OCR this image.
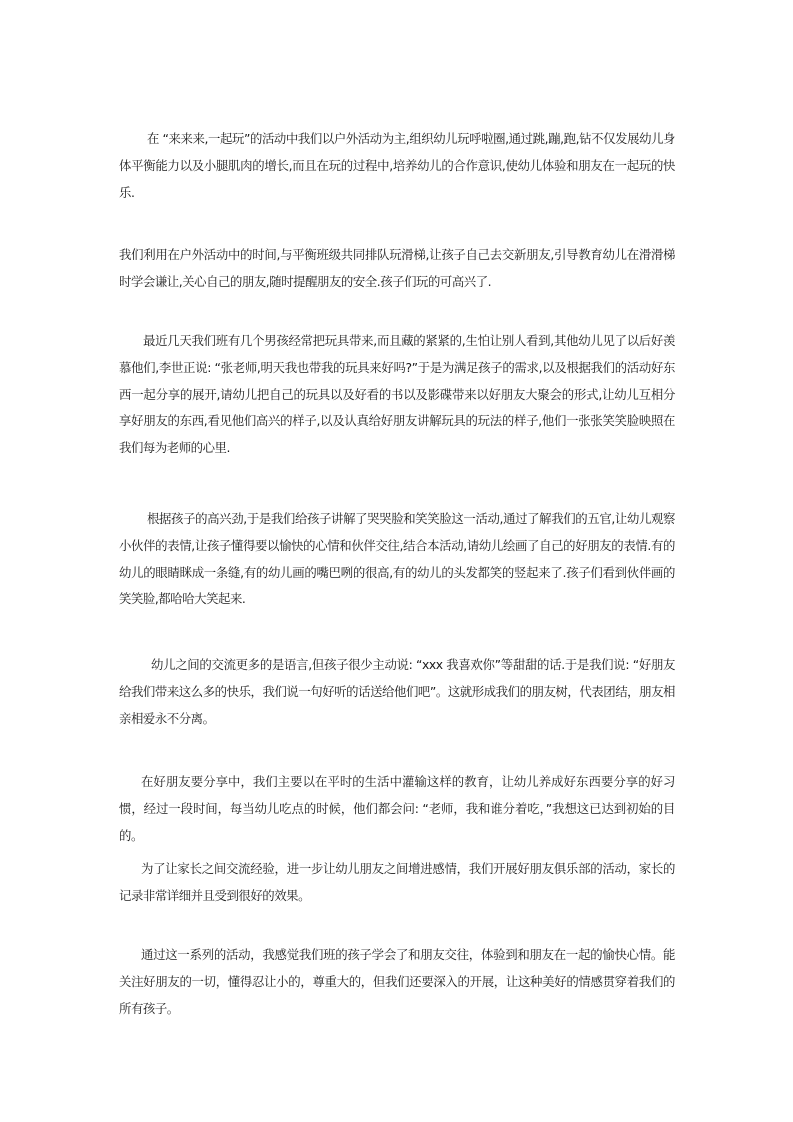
在 “来来来,一起玩”的活动中我们以户外活动为主,组织幼儿玩呼啦圈,通过跳,蹦,跑,钻不仅发展幼儿身体平衡能力以及小腿肌肉的增长,而且在玩的过程中,培养幼儿的合作意识,使幼儿体验和朋友在一起玩的快乐.

我们利用在户外活动中的时间,与平衡班级共同排队玩滑梯,让孩子自己去交新朋友,引导教育幼儿在滑滑梯时学会谦让,关心自己的朋友,随时提醒朋友的安全.孩子们玩的可高兴了.

最近几天我们班有几个男孩经常把玩具带来,而且藏的紧紧的,生怕让别人看到,其他幼儿见了以后好羡慕他们,李世正说: “张老师,明天我也带我的玩具来好吗?”于是为满足孩子的需求,以及根据我们的活动好东西一起分享的展开,请幼儿把自己的玩具以及好看的书以及影碟带来以好朋友大聚会的形式,让幼儿互相分享好朋友的东西,看见他们高兴的样子,以及认真给好朋友讲解玩具的玩法的样子,他们一张张笑笑脸映照在我们每为老师的心里.

根据孩子的高兴劲,于是我们给孩子讲解了哭哭脸和笑笑脸这一活动,通过了解我们的五官,让幼儿观察小伙伴的表情,让孩子懂得要以愉快的心情和伙伴交往,结合本活动,请幼儿绘画了自己的好朋友的表情.有的幼儿的眼睛眯成一条缝,有的幼儿画的嘴巴咧的很高,有的幼儿的头发都笑的竖起来了.孩子们看到伙伴画的笑笑脸,都哈哈大笑起来.

幼儿之间的交流更多的是语言,但孩子很少主动说: “xxx 我喜欢你”等甜甜的话.于是我们说: “好朋友给我们带来这么多的快乐，我们说一句好听的话送给他们吧”。这就形成我们的朋友树，代表团结，朋友相亲相爱永不分离。

在好朋友要分享中，我们主要以在平时的生活中灌输这样的教育，让幼儿养成好东西要分享的好习惯，经过一段时间，每当幼儿吃点的时候，他们都会问: “老师，我和谁分着吃，”我想这已达到初始的目的。

为了让家长之间交流经验，进一步让幼儿朋友之间增进感情，我们开展好朋友俱乐部的活动，家长的记录非常详细并且受到很好的效果。

通过这一系列的活动，我感觉我们班的孩子学会了和朋友交往，体验到和朋友在一起的愉快心情。能关注好朋友的一切，懂得忍让小的，尊重大的，但我们还要深入的开展，让这种美好的情感贯穿着我们的所有孩子。
